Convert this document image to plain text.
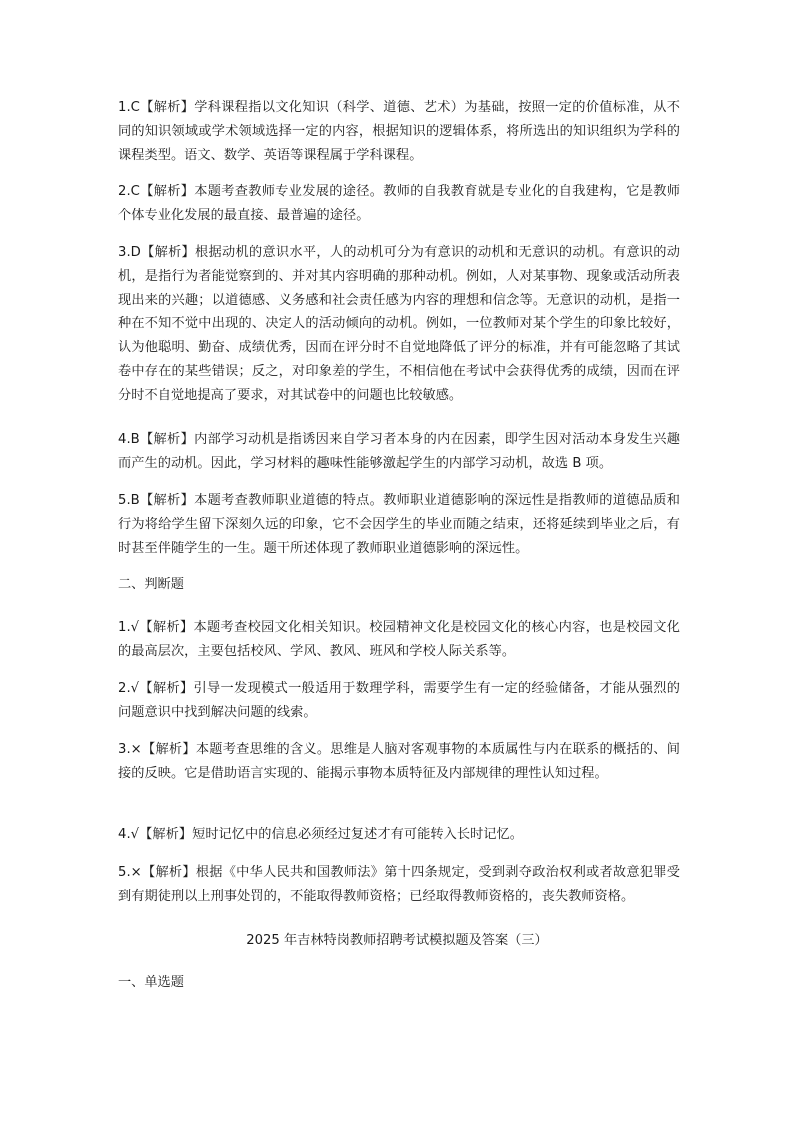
1.C【解析】学科课程指以文化知识（科学、道德、艺术）为基础，按照一定的价值标准，从不同的知识领域或学术领域选择一定的内容，根据知识的逻辑体系，将所选出的知识组织为学科的课程类型。语文、数学、英语等课程属于学科课程。

2.C【解析】本题考查教师专业发展的途径。教师的自我教育就是专业化的自我建构，它是教师个体专业化发展的最直接、最普遍的途径。

3.D【解析】根据动机的意识水平，人的动机可分为有意识的动机和无意识的动机。有意识的动机，是指行为者能觉察到的、并对其内容明确的那种动机。例如，人对某事物、现象或活动所表现出来的兴趣；以道德感、义务感和社会责任感为内容的理想和信念等。无意识的动机，是指一种在不知不觉中出现的、决定人的活动倾向的动机。例如，一位教师对某个学生的印象比较好，认为他聪明、勤奋、成绩优秀，因而在评分时不自觉地降低了评分的标准，并有可能忽略了其试卷中存在的某些错误；反之，对印象差的学生，不相信他在考试中会获得优秀的成绩，因而在评分时不自觉地提高了要求，对其试卷中的问题也比较敏感。

4.B【解析】内部学习动机是指诱因来自学习者本身的内在因素，即学生因对活动本身发生兴趣而产生的动机。因此，学习材料的趣味性能够激起学生的内部学习动机，故选 B 项。

5.B【解析】本题考查教师职业道德的特点。教师职业道德影响的深远性是指教师的道德品质和行为将给学生留下深刻久远的印象，它不会因学生的毕业而随之结束，还将延续到毕业之后，有时甚至伴随学生的一生。题干所述体现了教师职业道德影响的深远性。

二、判断题

1.√【解析】本题考查校园文化相关知识。校园精神文化是校园文化的核心内容，也是校园文化的最高层次，主要包括校风、学风、教风、班风和学校人际关系等。

2.√【解析】引导一发现模式一般适用于数理学科，需要学生有一定的经验储备，才能从强烈的问题意识中找到解决问题的线索。

3.×【解析】本题考查思维的含义。思维是人脑对客观事物的本质属性与内在联系的概括的、间接的反映。它是借助语言实现的、能揭示事物本质特征及内部规律的理性认知过程。

4.√【解析】短时记忆中的信息必须经过复述才有可能转入长时记忆。

5.×【解析】根据《中华人民共和国教师法》第十四条规定，受到剥夺政治权利或者故意犯罪受到有期徒刑以上刑事处罚的，不能取得教师资格；已经取得教师资格的，丧失教师资格。

2025 年吉林特岗教师招聘考试模拟题及答案（三）

一、单选题
